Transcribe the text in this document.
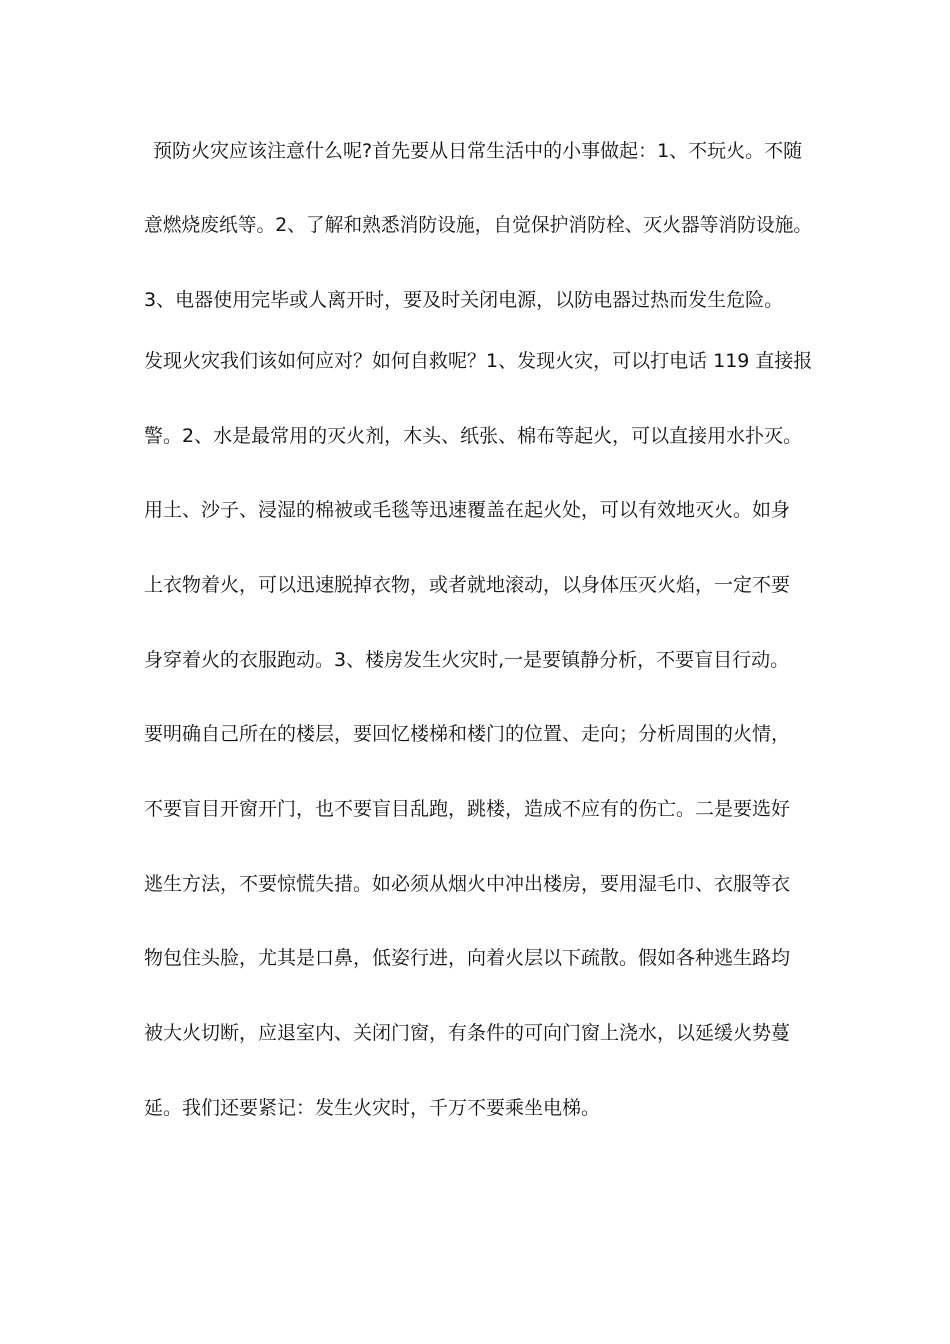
预防火灾应该注意什么呢?首先要从日常生活中的小事做起：1、不玩火。不随
意燃烧废纸等。2、了解和熟悉消防设施，自觉保护消防栓、灭火器等消防设施。
3、电器使用完毕或人离开时，要及时关闭电源，以防电器过热而发生危险。
发现火灾我们该如何应对？如何自救呢？1、发现火灾，可以打电话 119 直接报
警。2、水是最常用的灭火剂，木头、纸张、棉布等起火，可以直接用水扑灭。
用土、沙子、浸湿的棉被或毛毯等迅速覆盖在起火处，可以有效地灭火。如身
上衣物着火，可以迅速脱掉衣物，或者就地滚动，以身体压灭火焰，一定不要
身穿着火的衣服跑动。3、楼房发生火灾时,一是要镇静分析，不要盲目行动。
要明确自己所在的楼层，要回忆楼梯和楼门的位置、走向；分析周围的火情，
不要盲目开窗开门，也不要盲目乱跑，跳楼，造成不应有的伤亡。二是要选好
逃生方法，不要惊慌失措。如必须从烟火中冲出楼房，要用湿毛巾、衣服等衣
物包住头脸，尤其是口鼻，低姿行进，向着火层以下疏散。假如各种逃生路均
被大火切断，应退室内、关闭门窗，有条件的可向门窗上浇水，以延缓火势蔓
延。我们还要紧记：发生火灾时，千万不要乘坐电梯。
